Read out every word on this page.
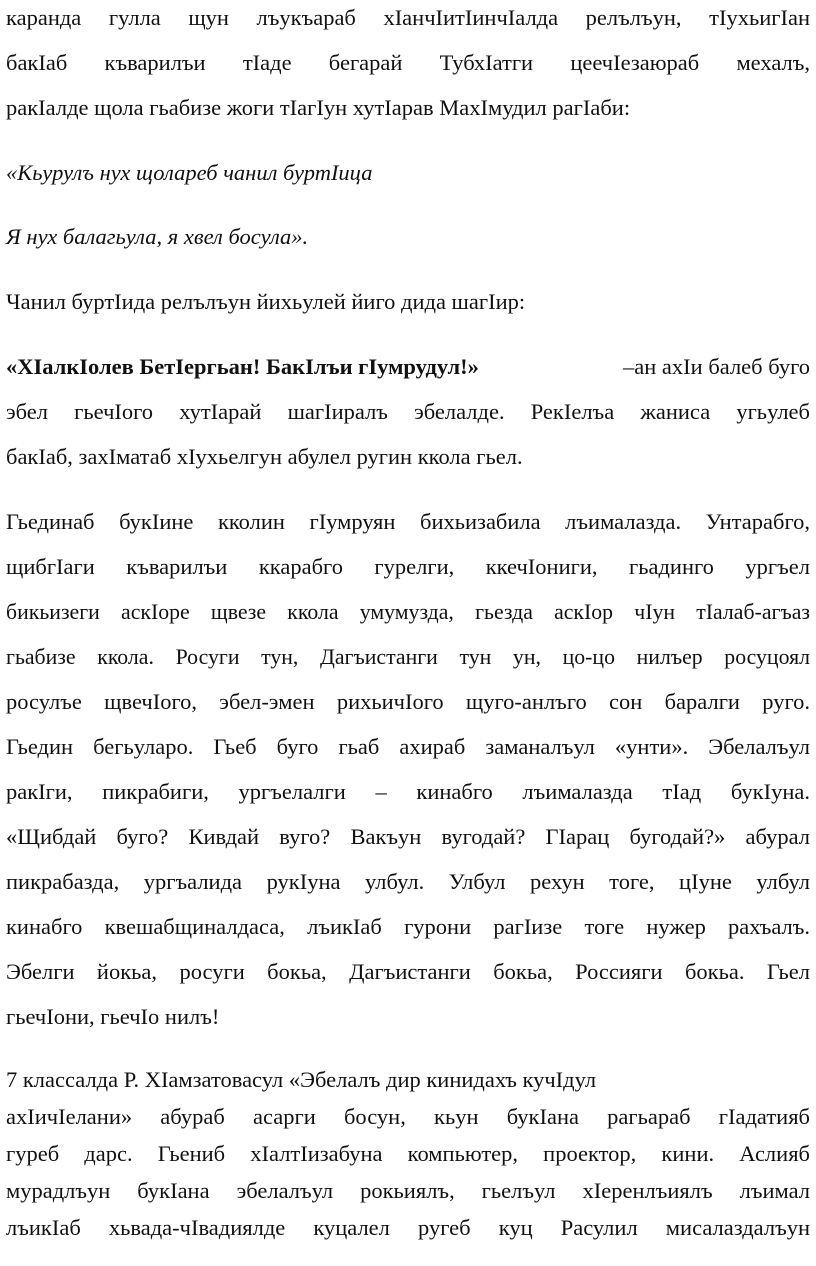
каранда гулла щун лъукъараб хIанчIитIинчIалда релълъун, тIухьигIан
бакIаб къварилъи тIаде бегарай ТубхIатги цеечIезаюраб мехалъ,
ракIалде щола гьабизе жоги тIагIун хутIарав МахIмудил рагIаби:
«Кьурулъ нух щолареб чанил буртIица
Я нух балагьула, я хвел босула».
Чанил буртIида релълъун йихьулей йиго дида шагIир:
«ХIалкIолев БетIергьан! БакIлъи гIумрудул!»	–ан ахIи балеб буго
эбел гьечIого хутIарай шагIиралъ эбелалде. РекIелъа жаниса угьулеб
бакIаб, захIматаб хIухьелгун абулел ругин ккола гьел.
Гьединаб букIине кколин гIумруян бихьизабила лъималазда. Унтарабго,
щибгIаги къварилъи ккарабго гурелги, ккечIониги, гьадинго ургъел
бикьизеги аскIоре щвезе ккола умумузда, гьезда аскIор чIун тIалаб-агъаз
гьабизе ккола. Росуги тун, Дагъистанги тун ун, цо-цо нилъер росуцоял
росулъе щвечIого, эбел-эмен рихьичIого щуго-анлъго сон баралги руго.
Гьедин бегьуларо. Гьеб буго гьаб ахираб заманалъул «унти». Эбелалъул
ракIги, пикрабиги, ургъелалги – кинабго лъималазда тIад букIуна.
«Щибдай буго? Кивдай вуго? Вакъун вугодай? ГIарац бугодай?» абурал
пикрабазда, ургъалида рукIуна улбул. Улбул рехун тоге, цIуне улбул
кинабго квешабщиналдаса, лъикIаб гурони рагIизе тоге нужер рахъалъ.
Эбелги йокьа, росуги бокьа, Дагъистанги бокьа, Россияги бокьа. Гьел
гьечIони, гьечIо нилъ!
7 классалда Р. ХIамзатовасул «Эбелалъ дир кинидахъ кучIдул
ахIичIелани» абураб асарги босун, кьун букIана рагьараб гIадатияб
гуреб дарс. Гьениб хIалтIизабуна компьютер, проектор, кини. Аслияб
мурадлъун букIана эбелалъул рокьиялъ, гьелъул хIеренлъиялъ лъимал
лъикIаб хьвада-чIвадиялде куцалел ругеб куц Расулил мисалаздалъун
